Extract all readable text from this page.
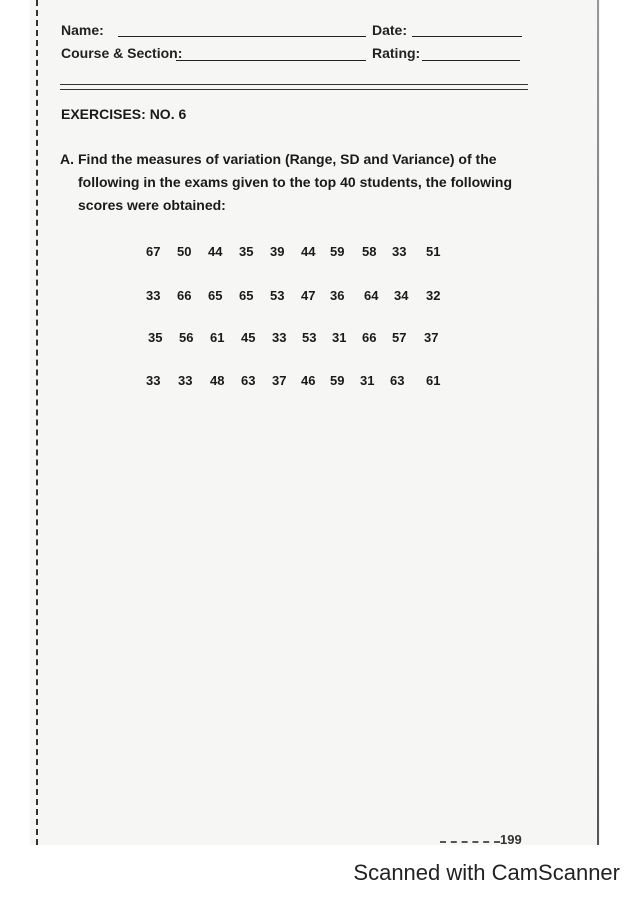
Name:	Date:
Course & Section:	Rating:
EXERCISES: NO. 6
A. Find the measures of variation (Range, SD and Variance) of the
following in the exams given to the top 40 students, the following
scores were obtained:
67 50 44 35 39 44 59 58 33 51
33 66 65 65 53 47 36 64 34 32
35 56 61 45 33 53 31 66 57 37
33 33 48 63 37 46 59 31 63 61
199
Scanned with CamScanner
